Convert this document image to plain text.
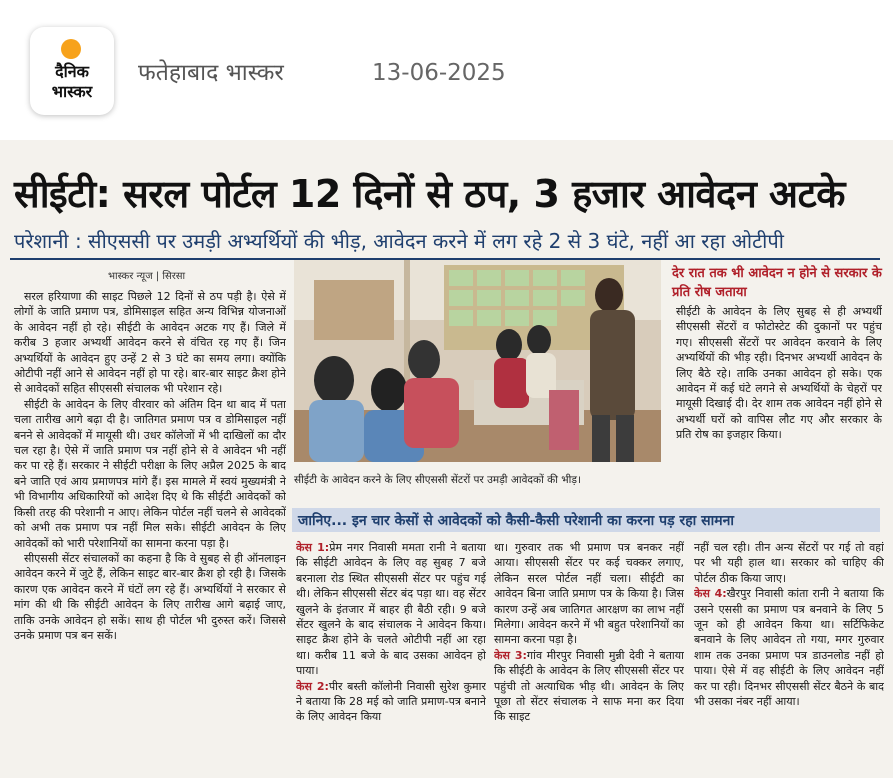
दैनिक
भास्कर
फतेहाबाद भास्कर	13-06-2025
सीईटी: सरल पोर्टल 12 दिनों से ठप, 3 हजार आवेदन अटके
परेशानी : सीएससी पर उमड़ी अभ्यर्थियों की भीड़, आवेदन करने में लग रहे 2 से 3 घंटे, नहीं आ रहा ओटीपी
भास्कर न्यूज | सिरसा

सरल हरियाणा की साइट पिछले 12 दिनों से ठप पड़ी है। ऐसे में लोगों के जाति प्रमाण पत्र, डोमिसाइल सहित अन्य विभिन्न योजनाओं के आवेदन नहीं हो रहे। सीईटी के आवेदन अटक गए हैं। जिले में करीब 3 हजार अभ्यर्थी आवेदन करने से वंचित रह गए हैं। जिन अभ्यर्थियों के आवेदन हुए उन्हें 2 से 3 घंटे का समय लगा। क्योंकि ओटीपी नहीं आने से आवेदन नहीं हो पा रहे। बार-बार साइट क्रैश होने से आवेदकों सहित सीएससी संचालक भी परेशान रहे।

सीईटी के आवेदन के लिए वीरवार को अंतिम दिन था बाद में पता चला तारीख आगे बढ़ा दी है। जातिगत प्रमाण पत्र व डोमिसाइल नहीं बनने से आवेदकों में मायूसी थी। उधर कॉलेजों में भी दाखिलों का दौर चल रहा है। ऐसे में जाति प्रमाण पत्र नहीं होने से वे आवेदन भी नहीं कर पा रहे हैं। सरकार ने सीईटी परीक्षा के लिए अप्रैल 2025 के बाद बने जाति एवं आय प्रमाणपत्र मांगे हैं। इस मामले में स्वयं मुख्यमंत्री ने भी विभागीय अधिकारियों को आदेश दिए थे कि सीईटी आवेदकों को किसी तरह की परेशानी न आए। लेकिन पोर्टल नहीं चलने से आवेदकों को अभी तक प्रमाण पत्र नहीं मिल सके। सीईटी आवेदन के लिए आवेदकों को भारी परेशानियों का सामना करना पड़ा है।

सीएससी सेंटर संचालकों का कहना है कि वे सुबह से ही ऑनलाइन आवेदन करने में जुटे हैं, लेकिन साइट बार-बार क्रैश हो रही है। जिसके कारण एक आवेदन करने में घंटों लग रहे हैं। अभ्यर्थियों ने सरकार से मांग की थी कि सीईटी आवेदन के लिए तारीख आगे बढ़ाई जाए, ताकि उनके आवेदन हो सकें। साथ ही पोर्टल भी दुरुस्त करें। जिससे उनके प्रमाण पत्र बन सकें।

सीईटी के आवेदन करने के लिए सीएससी सेंटरों पर उमड़ी आवेदकों की भीड़।
देर रात तक भी आवेदन न होने से सरकार के प्रति रोष जताया

सीईटी के आवेदन के लिए सुबह से ही अभ्यर्थी सीएससी सेंटरों व फोटोस्टेट की दुकानों पर पहुंच गए। सीएससी सेंटरों पर आवेदन करवाने के लिए अभ्यर्थियों की भीड़ रही। दिनभर अभ्यर्थी आवेदन के लिए बैठे रहे। ताकि उनका आवेदन हो सके। एक आवेदन में कई घंटे लगने से अभ्यर्थियों के चेहरों पर मायूसी दिखाई दी। देर शाम तक आवेदन नहीं होने से अभ्यर्थी घरों को वापिस लौट गए और सरकार के प्रति रोष का इजहार किया।

जानिए... इन चार केसों से आवेदकों को कैसी-कैसी परेशानी का करना पड़ रहा सामना

केस 1:प्रेम नगर निवासी ममता रानी ने बताया कि सीईटी आवेदन के लिए वह सुबह 7 बजे बरनाला रोड स्थित सीएससी सेंटर पर पहुंच गई थी। लेकिन सीएससी सेंटर बंद पड़ा था। वह सेंटर खुलने के इंतजार में बाहर ही बैठी रही। 9 बजे सेंटर खुलने के बाद संचालक ने आवेदन किया। साइट क्रैश होने के चलते ओटीपी नहीं आ रहा था। करीब 11 बजे के बाद उसका आवेदन हो पाया।

केस 2:पीर बस्ती कॉलोनी निवासी सुरेश कुमार ने बताया कि 28 मई को जाति प्रमाण-पत्र बनाने के लिए आवेदन किया

था। गुरुवार तक भी प्रमाण पत्र बनकर नहीं आया। सीएससी सेंटर पर कई चक्कर लगाए, लेकिन सरल पोर्टल नहीं चला। सीईटी का आवेदन बिना जाति प्रमाण पत्र के किया है। जिस कारण उन्हें अब जातिगत आरक्षण का लाभ नहीं मिलेगा। आवेदन करने में भी बहुत परेशानियों का सामना करना पड़ा है।

केस 3:गांव मीरपुर निवासी मुन्नी देवी ने बताया कि सीईटी के आवेदन के लिए सीएससी सेंटर पर पहुंची तो अत्याधिक भीड़ थी। आवेदन के लिए पूछा तो सेंटर संचालक ने साफ मना कर दिया कि साइट

नहीं चल रही। तीन अन्य सेंटरों पर गई तो वहां पर भी यही हाल था। सरकार को चाहिए की पोर्टल ठीक किया जाए।

केस 4:खैरपुर निवासी कांता रानी ने बताया कि उसने एससी का प्रमाण पत्र बनवाने के लिए 5 जून को ही आवेदन किया था। सर्टिफिकेट बनवाने के लिए आवेदन तो गया, मगर गुरुवार शाम तक उनका प्रमाण पत्र डाउनलोड नहीं हो पाया। ऐसे में वह सीईटी के लिए आवेदन नहीं कर पा रही। दिनभर सीएससी सेंटर बैठने के बाद भी उसका नंबर नहीं आया।
